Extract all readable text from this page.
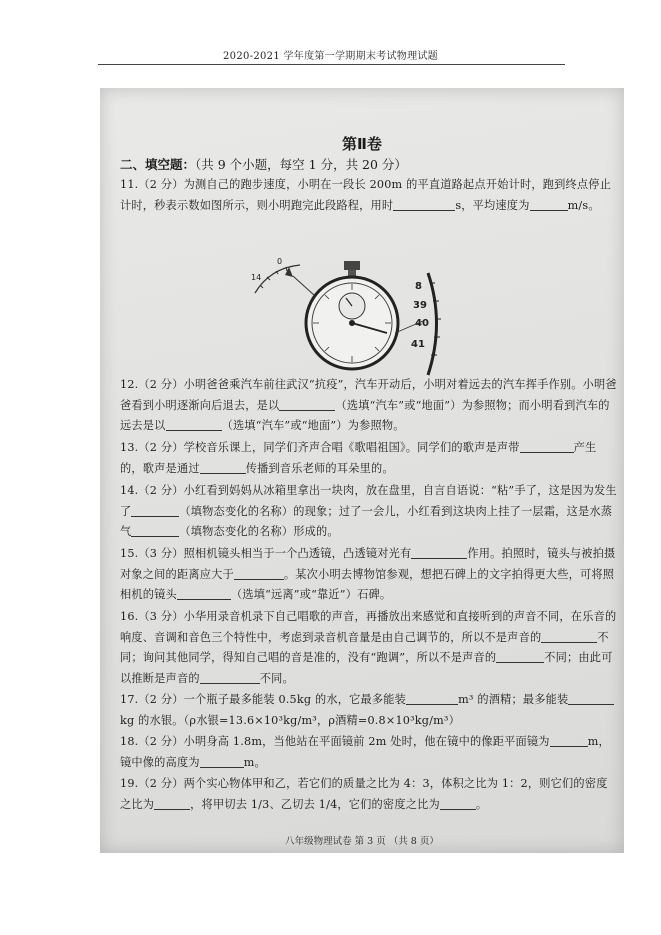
2020-2021 学年度第一学期期末考试物理试题

第Ⅱ卷
二、填空题：（共 9 个小题，每空 1 分，共 20 分）
11.（2 分）为测自己的跑步速度，小明在一段长 200m 的平直道路起点开始计时，跑到终点停止计时，秒表示数如图所示，则小明跑完此段路程，用时	s，平均速度为	m/s。
14
0
8
39
40
41
12.（2 分）小明爸爸乘汽车前往武汉“抗疫”，汽车开动后，小明对着远去的汽车挥手作别。小明爸爸看到小明逐渐向后退去，是以	（选填“汽车”或“地面”）为参照物；而小明看到汽车的远去是以	（选填“汽车”或“地面”）为参照物。
13.（2 分）学校音乐课上，同学们齐声合唱《歌唱祖国》。同学们的歌声是声带	产生的，歌声是通过	传播到音乐老师的耳朵里的。
14.（2 分）小红看到妈妈从冰箱里拿出一块肉，放在盘里，自言自语说：“粘”手了，这是因为发生了	（填物态变化的名称）的现象；过了一会儿，小红看到这块肉上挂了一层霜，这是水蒸气	（填物态变化的名称）形成的。
15.（3 分）照相机镜头相当于一个凸透镜，凸透镜对光有	作用。拍照时，镜头与被拍摄对象之间的距离应大于	。某次小明去博物馆参观，想把石碑上的文字拍得更大些，可将照相机的镜头	（选填“远离”或“靠近”）石碑。
16.（3 分）小华用录音机录下自己唱歌的声音，再播放出来感觉和直接听到的声音不同，在乐音的响度、音调和音色三个特性中，考虑到录音机音量是由自己调节的，所以不是声音的	不同；询问其他同学，得知自己唱的音是准的，没有“跑调”，所以不是声音的	不同；由此可以推断是声音的	不同。
17.（2 分）一个瓶子最多能装 0.5kg 的水，它最多能装	m³ 的酒精；最多能装kg 的水银。（ρ水银=13.6×10³kg/m³，ρ酒精=0.8×10³kg/m³）
18.（2 分）小明身高 1.8m，当他站在平面镜前 2m 处时，他在镜中的像距平面镜为	m，镜中像的高度为	m。
19.（2 分）两个实心物体甲和乙，若它们的质量之比为 4：3，体积之比为 1：2，则它们的密度之比为	，将甲切去 1/3、乙切去 1/4，它们的密度之比为	。
八年级物理试卷 第 3 页 （共 8 页）
